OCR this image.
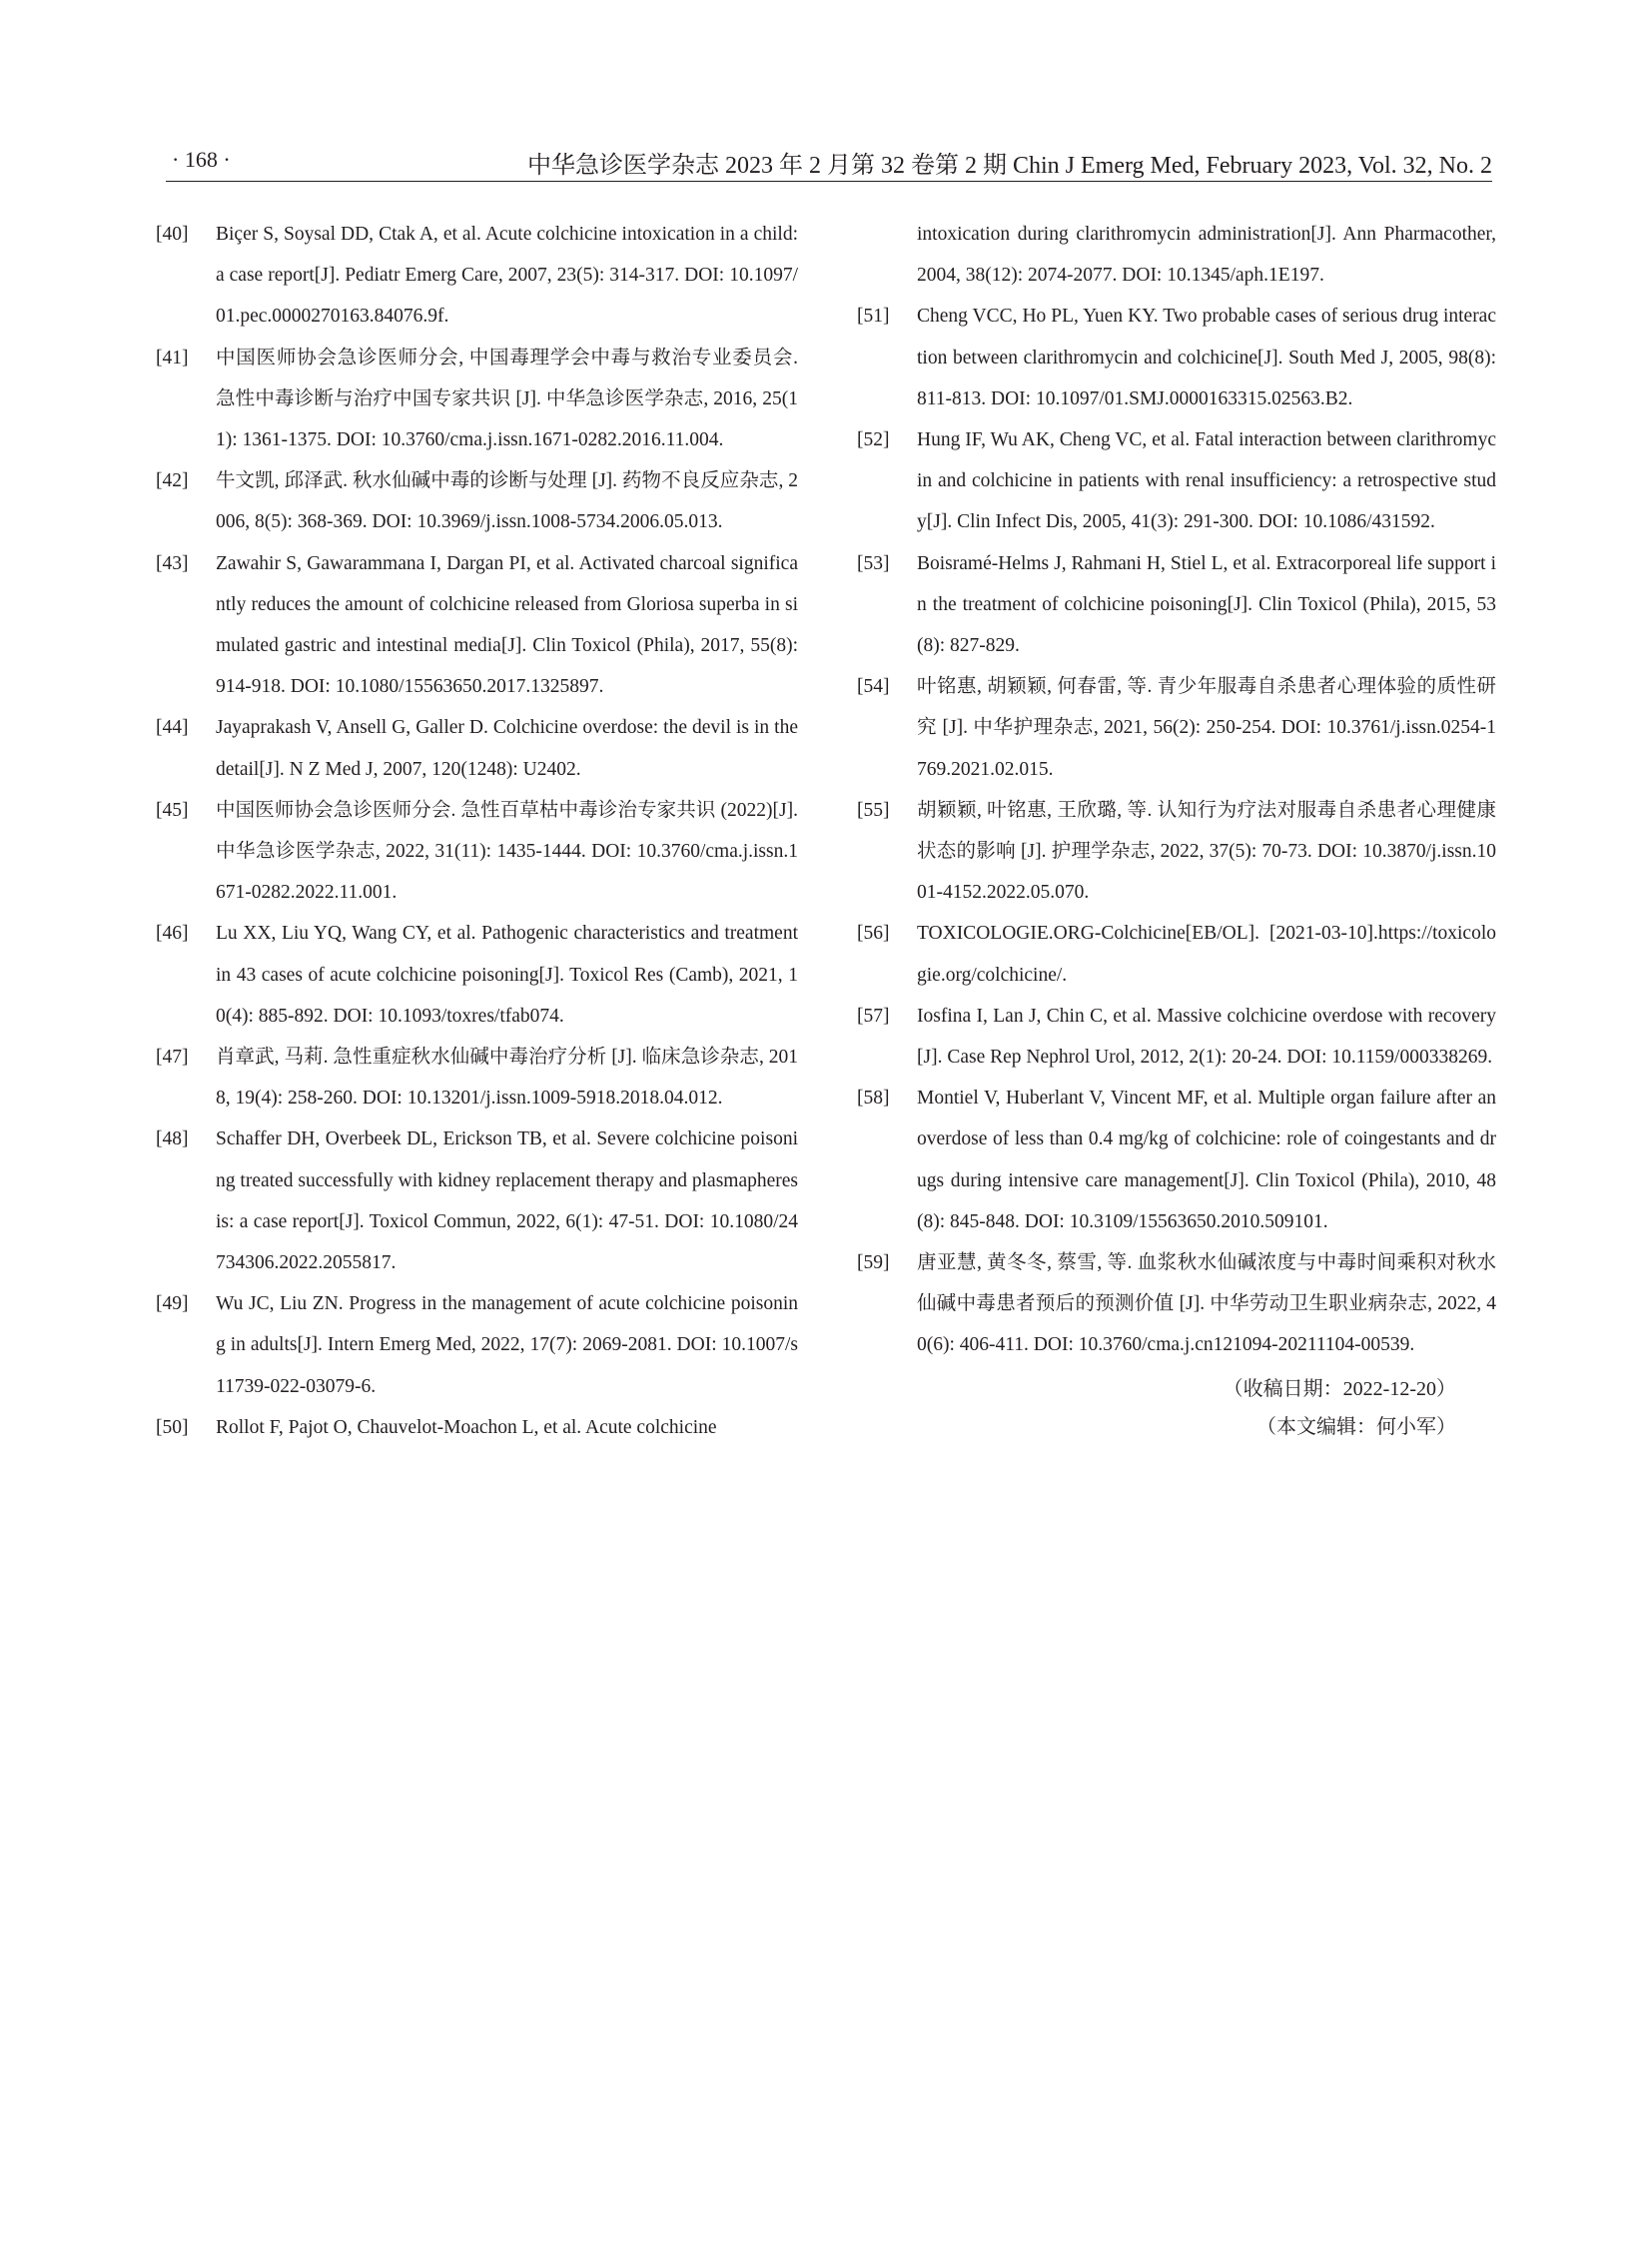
· 168 ·	中华急诊医学杂志 2023 年 2 月第 32 卷第 2 期 Chin J Emerg Med, February 2023, Vol. 32, No. 2
[40] Biçer S, Soysal DD, Ctak A, et al. Acute colchicine intoxication in a child: a case report[J]. Pediatr Emerg Care, 2007, 23(5): 314-317. DOI: 10.1097/01.pec.0000270163.84076.9f.
[41] 中国医师协会急诊医师分会, 中国毒理学会中毒与救治专业委员会. 急性中毒诊断与治疗中国专家共识 [J]. 中华急诊医学杂志, 2016, 25(11): 1361-1375. DOI: 10.3760/cma.j.issn.1671-0282.2016.11.004.
[42] 牛文凯, 邱泽武. 秋水仙碱中毒的诊断与处理 [J]. 药物不良反应杂志, 2006, 8(5): 368-369. DOI: 10.3969/j.issn.1008-5734.2006.05.013.
[43] Zawahir S, Gawarammana I, Dargan PI, et al. Activated charcoal significantly reduces the amount of colchicine released from Gloriosa superba in simulated gastric and intestinal media[J]. Clin Toxicol (Phila), 2017, 55(8): 914-918. DOI: 10.1080/15563650.2017.1325897.
[44] Jayaprakash V, Ansell G, Galler D. Colchicine overdose: the devil is in the detail[J]. N Z Med J, 2007, 120(1248): U2402.
[45] 中国医师协会急诊医师分会. 急性百草枯中毒诊治专家共识 (2022)[J]. 中华急诊医学杂志, 2022, 31(11): 1435-1444. DOI: 10.3760/cma.j.issn.1671-0282.2022.11.001.
[46] Lu XX, Liu YQ, Wang CY, et al. Pathogenic characteristics and treatment in 43 cases of acute colchicine poisoning[J]. Toxicol Res (Camb), 2021, 10(4): 885-892. DOI: 10.1093/toxres/tfab074.
[47] 肖章武, 马莉. 急性重症秋水仙碱中毒治疗分析 [J]. 临床急诊杂志, 2018, 19(4): 258-260. DOI: 10.13201/j.issn.1009-5918.2018.04.012.
[48] Schaffer DH, Overbeek DL, Erickson TB, et al. Severe colchicine poisoning treated successfully with kidney replacement therapy and plasmapheresis: a case report[J]. Toxicol Commun, 2022, 6(1): 47-51. DOI: 10.1080/24734306.2022.2055817.
[49] Wu JC, Liu ZN. Progress in the management of acute colchicine poisoning in adults[J]. Intern Emerg Med, 2022, 17(7): 2069-2081. DOI: 10.1007/s11739-022-03079-6.
[50] Rollot F, Pajot O, Chauvelot-Moachon L, et al. Acute colchicine
intoxication during clarithromycin administration[J]. Ann Pharmacother, 2004, 38(12): 2074-2077. DOI: 10.1345/aph.1E197.
[51] Cheng VCC, Ho PL, Yuen KY. Two probable cases of serious drug interaction between clarithromycin and colchicine[J]. South Med J, 2005, 98(8): 811-813. DOI: 10.1097/01.SMJ.0000163315.02563.B2.
[52] Hung IF, Wu AK, Cheng VC, et al. Fatal interaction between clarithromycin and colchicine in patients with renal insufficiency: a retrospective study[J]. Clin Infect Dis, 2005, 41(3): 291-300. DOI: 10.1086/431592.
[53] Boisramé-Helms J, Rahmani H, Stiel L, et al. Extracorporeal life support in the treatment of colchicine poisoning[J]. Clin Toxicol (Phila), 2015, 53(8): 827-829.
[54] 叶铭惠, 胡颖颖, 何春雷, 等. 青少年服毒自杀患者心理体验的质性研究 [J]. 中华护理杂志, 2021, 56(2): 250-254. DOI: 10.3761/j.issn.0254-1769.2021.02.015.
[55] 胡颖颖, 叶铭惠, 王欣璐, 等. 认知行为疗法对服毒自杀患者心理健康状态的影响 [J]. 护理学杂志, 2022, 37(5): 70-73. DOI: 10.3870/j.issn.1001-4152.2022.05.070.
[56] TOXICOLOGIE.ORG-Colchicine[EB/OL]. [2021-03-10].https://toxicologie.org/colchicine/.
[57] Iosfina I, Lan J, Chin C, et al. Massive colchicine overdose with recovery[J]. Case Rep Nephrol Urol, 2012, 2(1): 20-24. DOI: 10.1159/000338269.
[58] Montiel V, Huberlant V, Vincent MF, et al. Multiple organ failure after an overdose of less than 0.4 mg/kg of colchicine: role of coingestants and drugs during intensive care management[J]. Clin Toxicol (Phila), 2010, 48(8): 845-848. DOI: 10.3109/15563650.2010.509101.
[59] 唐亚慧, 黄冬冬, 蔡雪, 等. 血浆秋水仙碱浓度与中毒时间乘积对秋水仙碱中毒患者预后的预测价值 [J]. 中华劳动卫生职业病杂志, 2022, 40(6): 406-411. DOI: 10.3760/cma.j.cn121094-20211104-00539.
（收稿日期：2022-12-20）
（本文编辑：何小军）
